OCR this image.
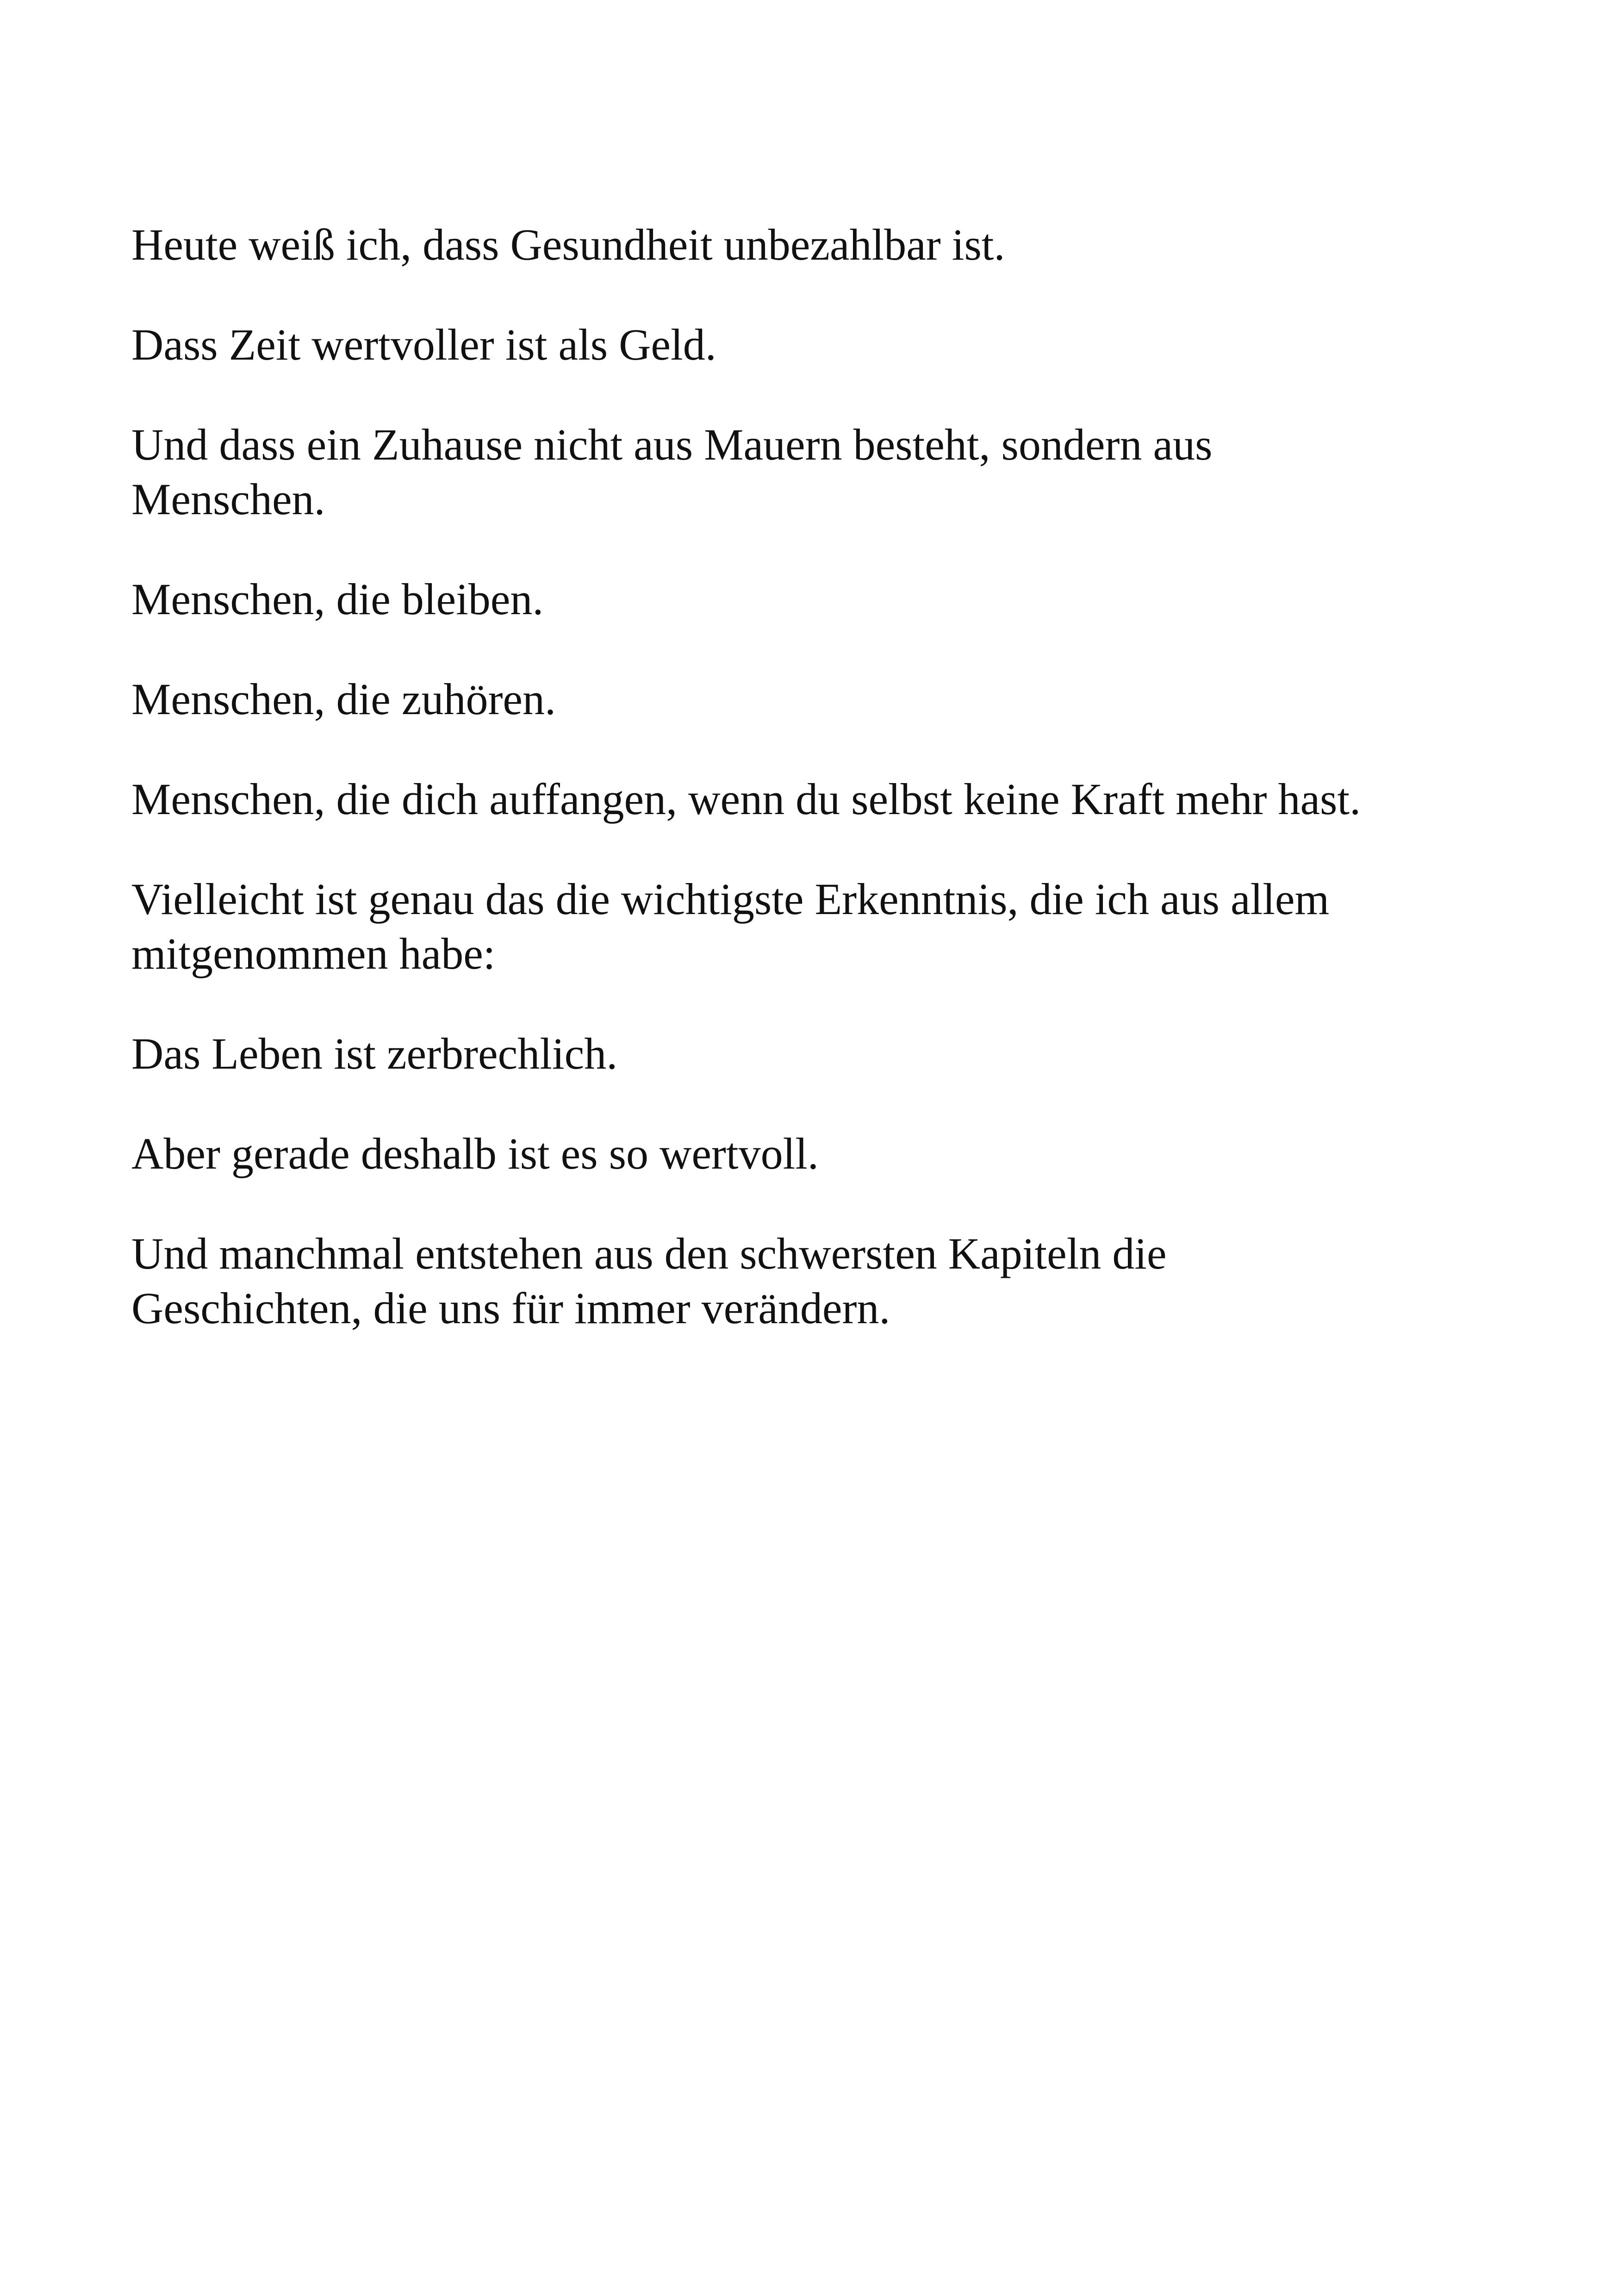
Heute weiß ich, dass Gesundheit unbezahlbar ist.

Dass Zeit wertvoller ist als Geld.

Und dass ein Zuhause nicht aus Mauern besteht, sondern aus Menschen.

Menschen, die bleiben.

Menschen, die zuhören.

Menschen, die dich auffangen, wenn du selbst keine Kraft mehr hast.

Vielleicht ist genau das die wichtigste Erkenntnis, die ich aus allem mitgenommen habe:

Das Leben ist zerbrechlich.

Aber gerade deshalb ist es so wertvoll.

Und manchmal entstehen aus den schwersten Kapiteln die Geschichten, die uns für immer verändern.
